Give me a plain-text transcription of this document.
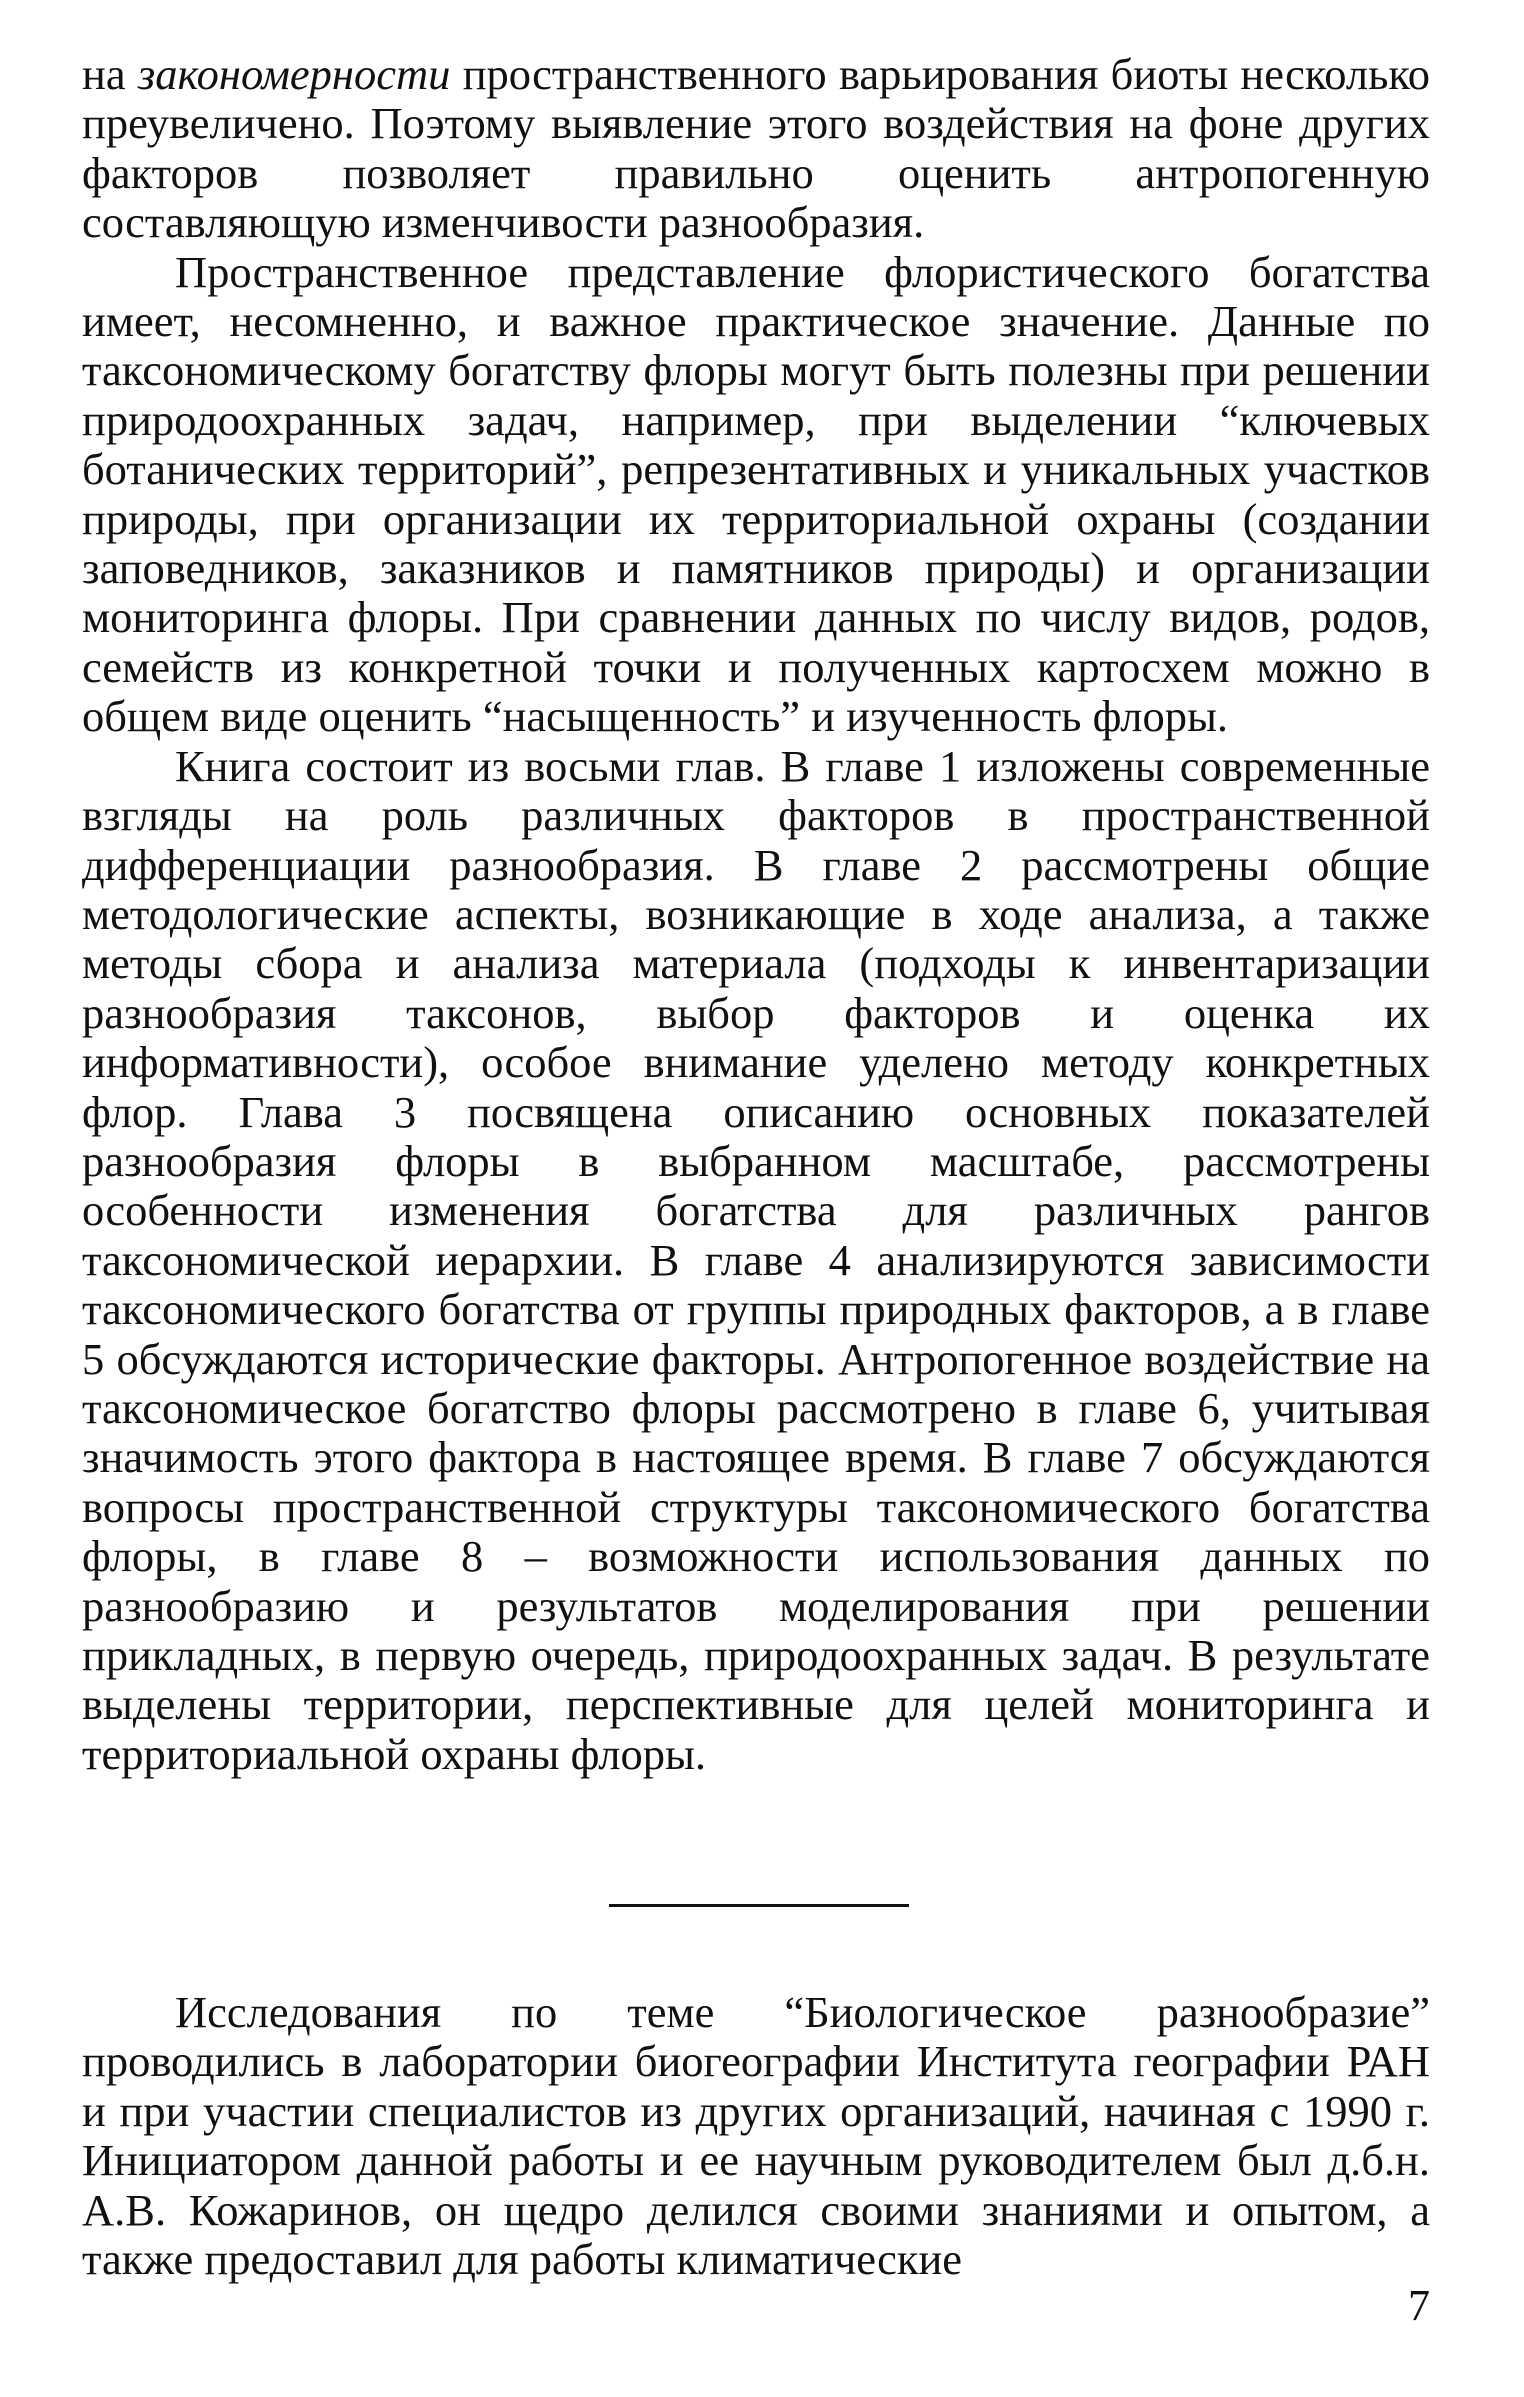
на закономерности пространственного варьирования биоты несколько преувеличено. Поэтому выявление этого воздействия на фоне других факторов позволяет правильно оценить антропогенную составляющую изменчивости разнообразия.

Пространственное представление флористического богатства имеет, несомненно, и важное практическое значение. Данные по таксономическому богатству флоры могут быть полезны при решении природоохранных задач, например, при выделении “ключевых ботанических территорий”, репрезентативных и уникальных участков природы, при организации их территориальной охраны (создании заповедников, заказников и памятников природы) и организации мониторинга флоры. При сравнении данных по числу видов, родов, семейств из конкретной точки и полученных картосхем можно в общем виде оценить “насыщенность” и изученность флоры.

Книга состоит из восьми глав. В главе 1 изложены современные взгляды на роль различных факторов в пространственной дифференциации разнообразия. В главе 2 рассмотрены общие методологические аспекты, возникающие в ходе анализа, а также методы сбора и анализа материала (подходы к инвентаризации разнообразия таксонов, выбор факторов и оценка их информативности), особое внимание уделено методу конкретных флор. Глава 3 посвящена описанию основных показателей разнообразия флоры в выбранном масштабе, рассмотрены особенности изменения богатства для различных рангов таксономической иерархии. В главе 4 анализируются зависимости таксономического богатства от группы природных факторов, а в главе 5 обсуждаются исторические факторы. Антропогенное воздействие на таксономическое богатство флоры рассмотрено в главе 6, учитывая значимость этого фактора в настоящее время. В главе 7 обсуждаются вопросы пространственной структуры таксономического богатства флоры, в главе 8 – возможности использования данных по разнообразию и результатов моделирования при решении прикладных, в первую очередь, природоохранных задач. В результате выделены территории, перспективные для целей мониторинга и территориальной охраны флоры.

Исследования по теме “Биологическое разнообразие” проводились в лаборатории биогеографии Института географии РАН и при участии специалистов из других организаций, начиная с 1990 г. Инициатором данной работы и ее научным руководителем был д.б.н. А.В. Кожаринов, он щедро делился своими знаниями и опытом, а также предоставил для работы климатические

7
